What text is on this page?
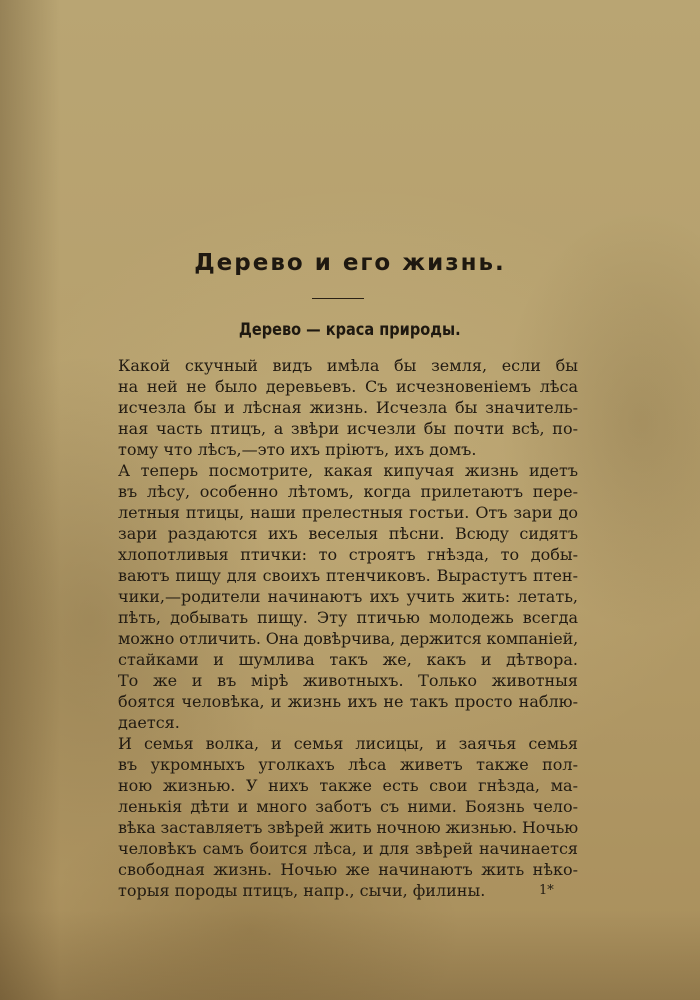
Дерево и его жизнь.
Дерево — краса природы.
Какой скучный видъ имѣла бы земля, если бы
на ней не было деревьевъ. Съ исчезновенiемъ лѣса
исчезла бы и лѣсная жизнь. Исчезла бы значитель-
ная часть птицъ, а звѣри исчезли бы почти всѣ, по-
тому что лѣсъ,—это ихъ прiютъ, ихъ домъ.
А теперь посмотрите, какая кипучая жизнь идетъ
въ лѣсу, особенно лѣтомъ, когда прилетаютъ пере-
летныя птицы, наши прелестныя гостьи. Отъ зари до
зари раздаются ихъ веселыя пѣсни. Всюду сидятъ
хлопотливыя птички: то строятъ гнѣзда, то добы-
ваютъ пищу для своихъ птенчиковъ. Вырастутъ птен-
чики,—родители начинаютъ ихъ учить жить: летать,
пѣть, добывать пищу. Эту птичью молодежь всегда
можно отличить. Она довѣрчива, держится компанiей,
стайками и шумлива такъ же, какъ и дѣтвора.
То же и въ мiрѣ животныхъ. Только животныя
боятся человѣка, и жизнь ихъ не такъ просто наблю-
дается.
И семья волка, и семья лисицы, и заячья семья
въ укромныхъ уголкахъ лѣса живетъ также пол-
ною жизнью. У нихъ также есть свои гнѣзда, ма-
ленькiя дѣти и много заботъ съ ними. Боязнь чело-
вѣка заставляетъ звѣрей жить ночною жизнью. Ночью
человѣкъ самъ боится лѣса, и для звѣрей начинается
свободная жизнь. Ночью же начинаютъ жить нѣко-
торыя породы птицъ, напр., сычи, филины.	1*
